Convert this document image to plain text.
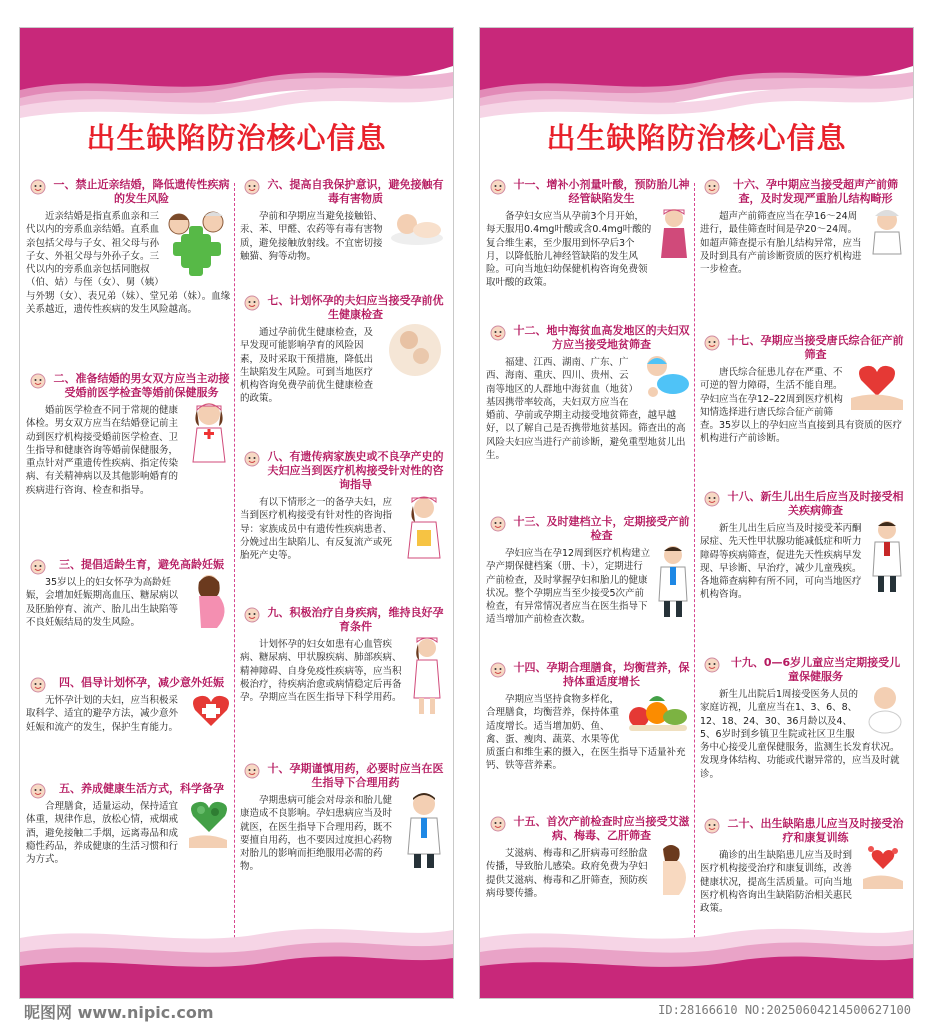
出生缺陷防治核心信息
一、禁止近亲结婚，降低遗传性疾病的发生风险
近亲结婚是指直系血亲和三代以内的旁系血亲结婚。直系血亲包括父母与子女、祖父母与孙子女、外祖父母与外孙子女。三代以内的旁系血亲包括同胞叔（伯、姑）与侄（女）、舅（姨）与外甥（女）、表兄弟（妹）、堂兄弟（妹）。血缘关系越近，遗传性疾病的发生风险越高。
二、准备结婚的男女双方应当主动接受婚前医学检查等婚前保健服务
婚前医学检查不同于常规的健康体检。男女双方应当在结婚登记前主动到医疗机构接受婚前医学检查、卫生指导和健康咨询等婚前保健服务，重点针对严重遗传性疾病、指定传染病、有关精神病以及其他影响婚育的疾病进行咨询、检查和指导。
三、提倡适龄生育，避免高龄妊娠
35岁以上的妇女怀孕为高龄妊娠，会增加妊娠期高血压、糖尿病以及胚胎停育、流产、胎儿出生缺陷等不良妊娠结局的发生风险。
四、倡导计划怀孕，减少意外妊娠
无怀孕计划的夫妇，应当积极采取科学、适宜的避孕方法，减少意外妊娠和流产的发生，保护生育能力。
五、养成健康生活方式，科学备孕
合理膳食，适量运动，保持适宜体重，规律作息，放松心情，戒烟戒酒，避免接触二手烟，远离毒品和成瘾性药品，养成健康的生活习惯和行为方式。
六、提高自我保护意识，避免接触有毒有害物质
孕前和孕期应当避免接触铅、汞、苯、甲醛、农药等有毒有害物质，避免接触放射线。不宜密切接触猫、狗等动物。
七、计划怀孕的夫妇应当接受孕前优生健康检查
通过孕前优生健康检查，及早发现可能影响孕育的风险因素，及时采取干预措施，降低出生缺陷发生风险。可到当地医疗机构咨询免费孕前优生健康检查的政策。
八、有遗传病家族史或不良孕产史的夫妇应当到医疗机构接受针对性的咨询指导
有以下情形之一的备孕夫妇，应当到医疗机构接受有针对性的咨询指导：家族成员中有遗传性疾病患者、分娩过出生缺陷儿、有反复流产或死胎死产史等。
九、积极治疗自身疾病，维持良好孕育条件
计划怀孕的妇女如患有心血管疾病、糖尿病、甲状腺疾病、肺部疾病、精神障碍、自身免疫性疾病等，应当积极治疗，待疾病治愈或病情稳定后再备孕。孕期应当在医生指导下科学用药。
十、孕期谨慎用药，必要时应当在医生指导下合理用药
孕期患病可能会对母亲和胎儿健康造成不良影响。孕妇患病应当及时就医，在医生指导下合理用药，既不要擅自用药，也不要因过度担心药物对胎儿的影响而拒绝服用必需的药物。
出生缺陷防治核心信息
十一、增补小剂量叶酸，预防胎儿神经管缺陷发生
备孕妇女应当从孕前3个月开始，每天服用0.4mg叶酸或含0.4mg叶酸的复合维生素，至少服用到怀孕后3个月，以降低胎儿神经管缺陷的发生风险。可向当地妇幼保健机构咨询免费领取叶酸的政策。
十二、地中海贫血高发地区的夫妇双方应当接受地贫筛查
福建、江西、湖南、广东、广西、海南、重庆、四川、贵州、云南等地区的人群地中海贫血（地贫）基因携带率较高，夫妇双方应当在婚前、孕前或孕期主动接受地贫筛查，越早越好，以了解自己是否携带地贫基因。筛查出的高风险夫妇应当进行产前诊断，避免重型地贫儿出生。
十三、及时建档立卡，定期接受产前检查
孕妇应当在孕12周到医疗机构建立孕产期保健档案（册、卡），定期进行产前检查，及时掌握孕妇和胎儿的健康状况。整个孕期应当至少接受5次产前检查，有异常情况者应当在医生指导下适当增加产前检查次数。
十四、孕期合理膳食，均衡营养，保持体重适度增长
孕期应当坚持食物多样化，合理膳食，均衡营养，保持体重适度增长。适当增加奶、鱼、禽、蛋、瘦肉、蔬菜、水果等优质蛋白和维生素的摄入，在医生指导下适量补充钙、铁等营养素。
十五、首次产前检查时应当接受艾滋病、梅毒、乙肝筛查
艾滋病、梅毒和乙肝病毒可经胎盘传播，导致胎儿感染。政府免费为孕妇提供艾滋病、梅毒和乙肝筛查，预防疾病母婴传播。
十六、孕中期应当接受超声产前筛查，及时发现严重胎儿结构畸形
超声产前筛查应当在孕16～24周进行，最佳筛查时间是孕20～24周。如超声筛查提示有胎儿结构异常，应当及时到具有产前诊断资质的医疗机构进一步检查。
十七、孕期应当接受唐氏综合征产前筛查
唐氏综合征患儿存在严重、不可逆的智力障碍，生活不能自理。孕妇应当在孕12–22周到医疗机构知情选择进行唐氏综合征产前筛查。35岁以上的孕妇应当直接到具有资质的医疗机构进行产前诊断。
十八、新生儿出生后应当及时接受相关疾病筛查
新生儿出生后应当及时接受苯丙酮尿症、先天性甲状腺功能减低症和听力障碍等疾病筛查，促进先天性疾病早发现、早诊断、早治疗，减少儿童残疾。各地筛查病种有所不同，可向当地医疗机构咨询。
十九、0—6岁儿童应当定期接受儿童保健服务
新生儿出院后1周接受医务人员的家庭访视，儿童应当在1、3、6、8、12、18、24、30、36月龄以及4、5、6岁时到乡镇卫生院或社区卫生服务中心接受儿童保健服务，监测生长发育状况。发现身体结构、功能或代谢异常的，应当及时就诊。
二十、出生缺陷患儿应当及时接受治疗和康复训练
确诊的出生缺陷患儿应当及时到医疗机构接受治疗和康复训练，改善健康状况，提高生活质量。可向当地医疗机构咨询出生缺陷防治相关惠民政策。
昵图网 www.nipic.com	ID:28166610 NO:20250604214500627100
